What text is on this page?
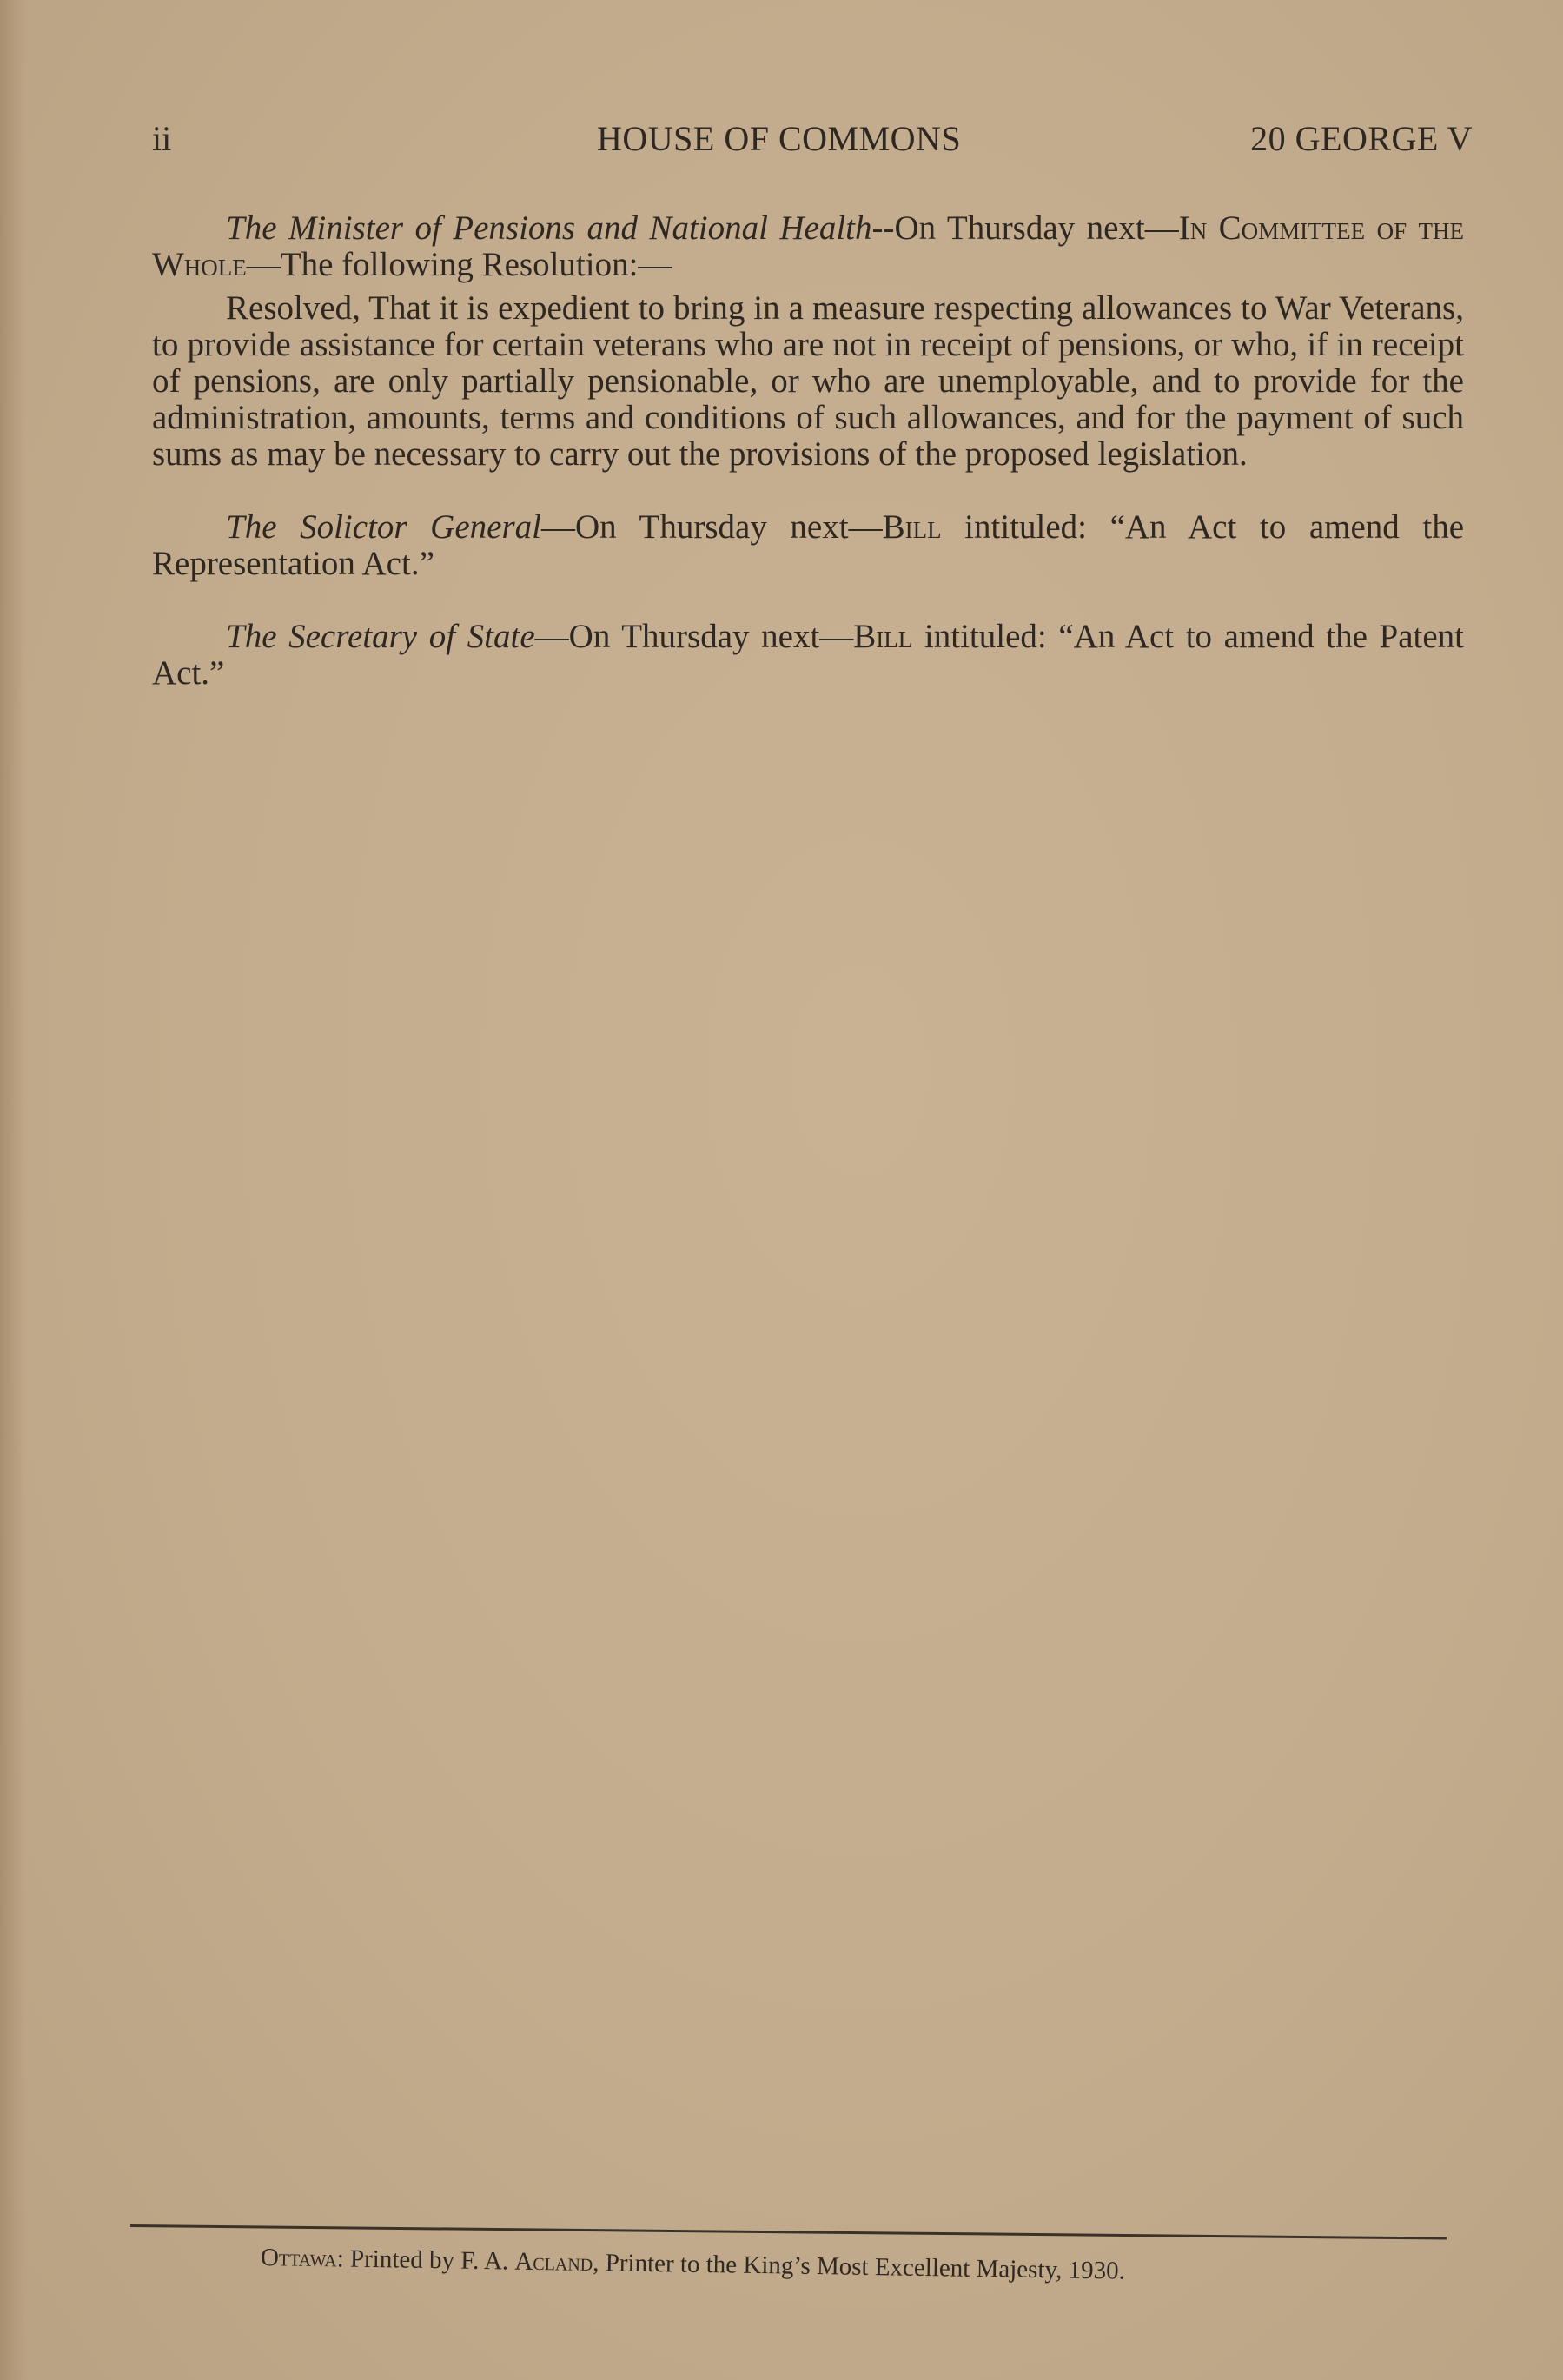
ii	HOUSE OF COMMONS	20 GEORGE V

The Minister of Pensions and National Health--On Thursday next—In Committee of the Whole—The following Resolution:—

Resolved, That it is expedient to bring in a measure respecting allowances to War Veterans, to provide assistance for certain veterans who are not in receipt of pensions, or who, if in receipt of pensions, are only partially pensionable, or who are unemployable, and to provide for the administration, amounts, terms and conditions of such allowances, and for the payment of such sums as may be necessary to carry out the provisions of the proposed legislation.

The Solictor General—On Thursday next—Bill intituled: “An Act to amend the Representation Act.”

The Secretary of State—On Thursday next—Bill intituled: “An Act to amend the Patent Act.”

Ottawa: Printed by F. A. Acland, Printer to the King’s Most Excellent Majesty, 1930.
